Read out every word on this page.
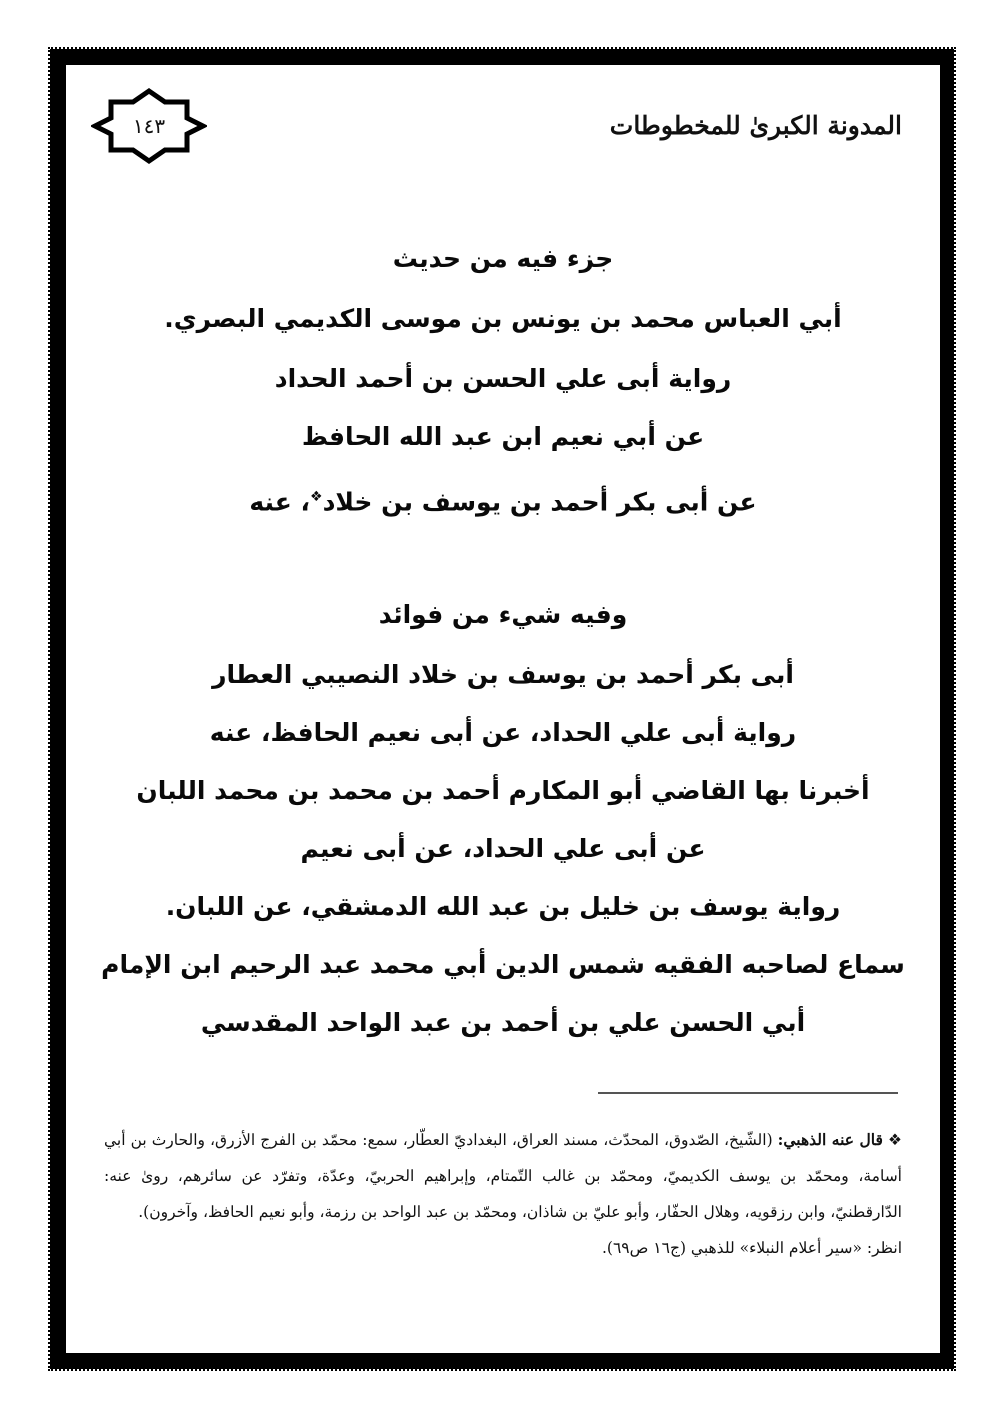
المدونة الكبرىٰ للمخطوطات
١٤٣
جزء فيه من حديث
أبي العباس محمد بن يونس بن موسى الكديمي البصري.
رواية أبى علي الحسن بن أحمد الحداد
عن أبي نعيم ابن عبد الله الحافظ
عن أبى بكر أحمد بن يوسف بن خلاد❖، عنه
وفيه شيء من فوائد
أبى بكر أحمد بن يوسف بن خلاد النصيبي العطار
رواية أبى علي الحداد، عن أبى نعيم الحافظ، عنه
أخبرنا بها القاضي أبو المكارم أحمد بن محمد بن محمد اللبان
عن أبى علي الحداد، عن أبى نعيم
رواية يوسف بن خليل بن عبد الله الدمشقي، عن اللبان.
سماع لصاحبه الفقيه شمس الدين أبي محمد عبد الرحيم ابن الإمام
أبي الحسن علي بن أحمد بن عبد الواحد المقدسي
❖ قال عنه الذهبي: (الشّيخ، الصّدوق، المحدّث، مسند العراق، البغداديّ العطّار، سمع: محمّد بن الفرج الأزرق، والحارث بن أبي أسامة، ومحمّد بن يوسف الكديميّ، ومحمّد بن غالب التّمتام، وإبراهيم الحربيّ، وعدّة، وتفرّد عن سائرهم، روىٰ عنه: الدّارقطنيّ، وابن رزقويه، وهلال الحفّار، وأبو عليّ بن شاذان، ومحمّد بن عبد الواحد بن رزمة، وأبو نعيم الحافظ، وآخرون).
انظر: «سير أعلام النبلاء» للذهبي (ج١٦ ص٦٩).
